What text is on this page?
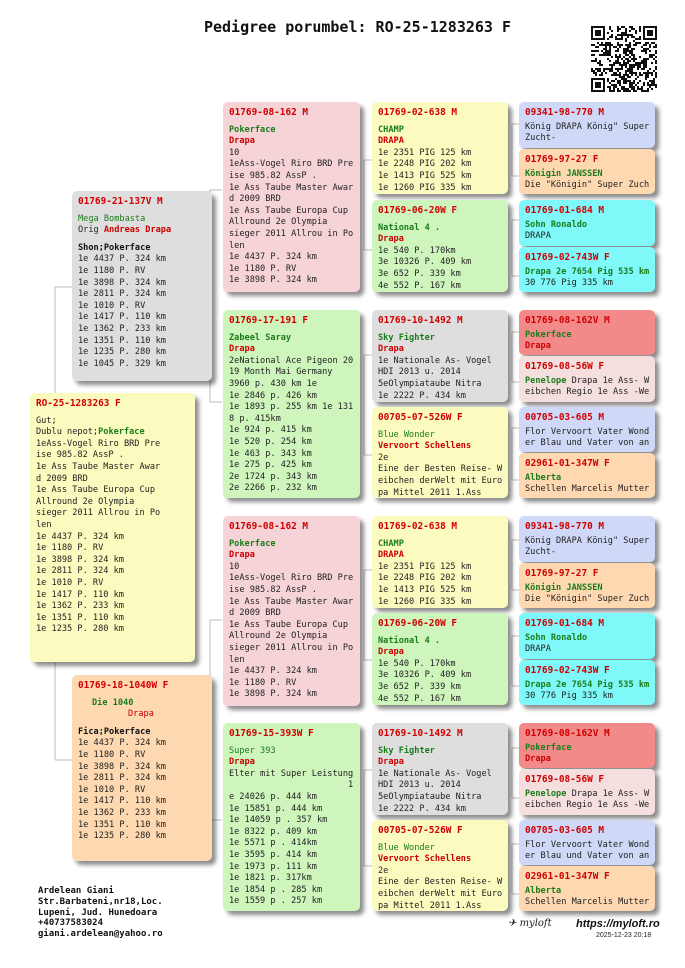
Pedigree porumbel: RO-25-1283263 F
RO-25-1283263 F
Gut;
Dublu nepot;Pokerface
1eAss-Vogel Riro BRD Pre
ise 985.82 AssP .
1e Ass Taube Master Awar
d 2009 BRD
1e Ass Taube Europa Cup
Allround 2e Olympia
sieger 2011 Allrou in Po
len
1e 4437 P. 324 km
1e 1180 P. RV
1e 3898 P. 324 km
1e 2811 P. 324 km
1e 1010 P. RV
1e 1417 P. 110 km
1e 1362 P. 233 km
1e 1351 P. 110 km
1e 1235 P. 280 km
01769-21-137V M
Mega Bombasta
Orig Andreas Drapa
Shon;Pokerface
1e 4437 P. 324 km
1e 1180 P. RV
1e 3898 P. 324 km
1e 2811 P. 324 km
1e 1010 P. RV
1e 1417 P. 110 km
1e 1362 P. 233 km
1e 1351 P. 110 km
1e 1235 P. 280 km
1e 1045 P. 329 km
01769-18-1040W F
Die 1040
Drapa
Fica;Pokerface
1e 4437 P. 324 km
1e 1180 P. RV
1e 3898 P. 324 km
1e 2811 P. 324 km
1e 1010 P. RV
1e 1417 P. 110 km
1e 1362 P. 233 km
1e 1351 P. 110 km
1e 1235 P. 280 km
01769-08-162 M
Pokerface
Drapa
10
1eAss-Vogel Riro BRD Pre
ise 985.82 AssP .
1e Ass Taube Master Awar
d 2009 BRD
1e Ass Taube Europa Cup
Allround 2e Olympia
sieger 2011 Allrou in Po
len
1e 4437 P. 324 km
1e 1180 P. RV
1e 3898 P. 324 km
01769-17-191 F
Zabeel Saray
Drapa
2eNational Ace Pigeon 20
19 Month Mai Germany
3960 p. 430 km 1e
1e 2846 p. 426 km
1e 1893 p. 255 km 1e 131
8 p. 415km
1e 924 p. 415 km
1e 520 p. 254 km
1e 463 p. 343 km
1e 275 p. 425 km
2e 1724 p. 343 km
2e 2266 p. 232 km
01769-08-162 M
Pokerface
Drapa
10
1eAss-Vogel Riro BRD Pre
ise 985.82 AssP .
1e Ass Taube Master Awar
d 2009 BRD
1e Ass Taube Europa Cup
Allround 2e Olympia
sieger 2011 Allrou in Po
len
1e 4437 P. 324 km
1e 1180 P. RV
1e 3898 P. 324 km
01769-15-393W F
Super 393
Drapa
Elter mit Super Leistung
1
e 24026 p. 444 km
1e 15851 p. 444 km
1e 14059 p . 357 km
1e 8322 p. 409 km
1e 5571 p . 414km
1e 3595 p. 414 km
1e 1973 p. 111 km
1e 1821 p. 317km
1e 1854 p . 285 km
1e 1559 p . 257 km
01769-02-638 M
CHAMP
DRAPA
1e 2351 PIG 125 km
1e 2248 PIG 202 km
1e 1413 PIG 525 km
1e 1260 PIG 335 km
01769-06-20W F
National 4 .
Drapa
1e 540 P. 170km
3e 10326 P. 409 km
3e 652 P. 339 km
4e 552 P. 167 km
01769-10-1492 M
Sky Fighter
Drapa
1e Nationale As- Vogel
HDI 2013 u. 2014
5eOlympiataube Nitra
1e 2222 P. 434 km
00705-07-526W F
Blue Wonder
Vervoort Schellens
2e
Eine der Besten Reise- W
eibchen derWelt mit Euro
pa Mittel 2011 1.Ass
01769-02-638 M
CHAMP
DRAPA
1e 2351 PIG 125 km
1e 2248 PIG 202 km
1e 1413 PIG 525 km
1e 1260 PIG 335 km
01769-06-20W F
National 4 .
Drapa
1e 540 P. 170km
3e 10326 P. 409 km
3e 652 P. 339 km
4e 552 P. 167 km
01769-10-1492 M
Sky Fighter
Drapa
1e Nationale As- Vogel
HDI 2013 u. 2014
5eOlympiataube Nitra
1e 2222 P. 434 km
00705-07-526W F
Blue Wonder
Vervoort Schellens
2e
Eine der Besten Reise- W
eibchen derWelt mit Euro
pa Mittel 2011 1.Ass
09341-98-770 M
König DRAPA König" Super Zucht-
01769-97-27 F
Königin JANSSEN
Die "Königin" Super Zuch
01769-01-684 M
Sohn Ronaldo
DRAPA
01769-02-743W F
Drapa 2e 7654 Pig 535 km
30 776 Pig 335 km
01769-08-162V M
Pokerface
Drapa
01769-08-56W F
Penelope Drapa 1e Ass- Weibchen Regio 1e Ass -We
00705-03-605 M
Flor Vervoort Vater Wonder Blau und Vater von an
02961-01-347W F
Alberta
Schellen Marcelis Mutter
09341-98-770 M
König DRAPA König" Super Zucht-
01769-97-27 F
Königin JANSSEN
Die "Königin" Super Zuch
01769-01-684 M
Sohn Ronaldo
DRAPA
01769-02-743W F
Drapa 2e 7654 Pig 535 km
30 776 Pig 335 km
01769-08-162V M
Pokerface
Drapa
01769-08-56W F
Penelope Drapa 1e Ass- Weibchen Regio 1e Ass -We
00705-03-605 M
Flor Vervoort Vater Wonder Blau und Vater von an
02961-01-347W F
Alberta
Schellen Marcelis Mutter
Ardelean Giani
Str.Barbateni,nr18,Loc.
Lupeni, Jud. Hunedoara
+40737583024
giani.ardelean@yahoo.ro
✈ myloft https://myloft.ro
2025-12-23 20:18
